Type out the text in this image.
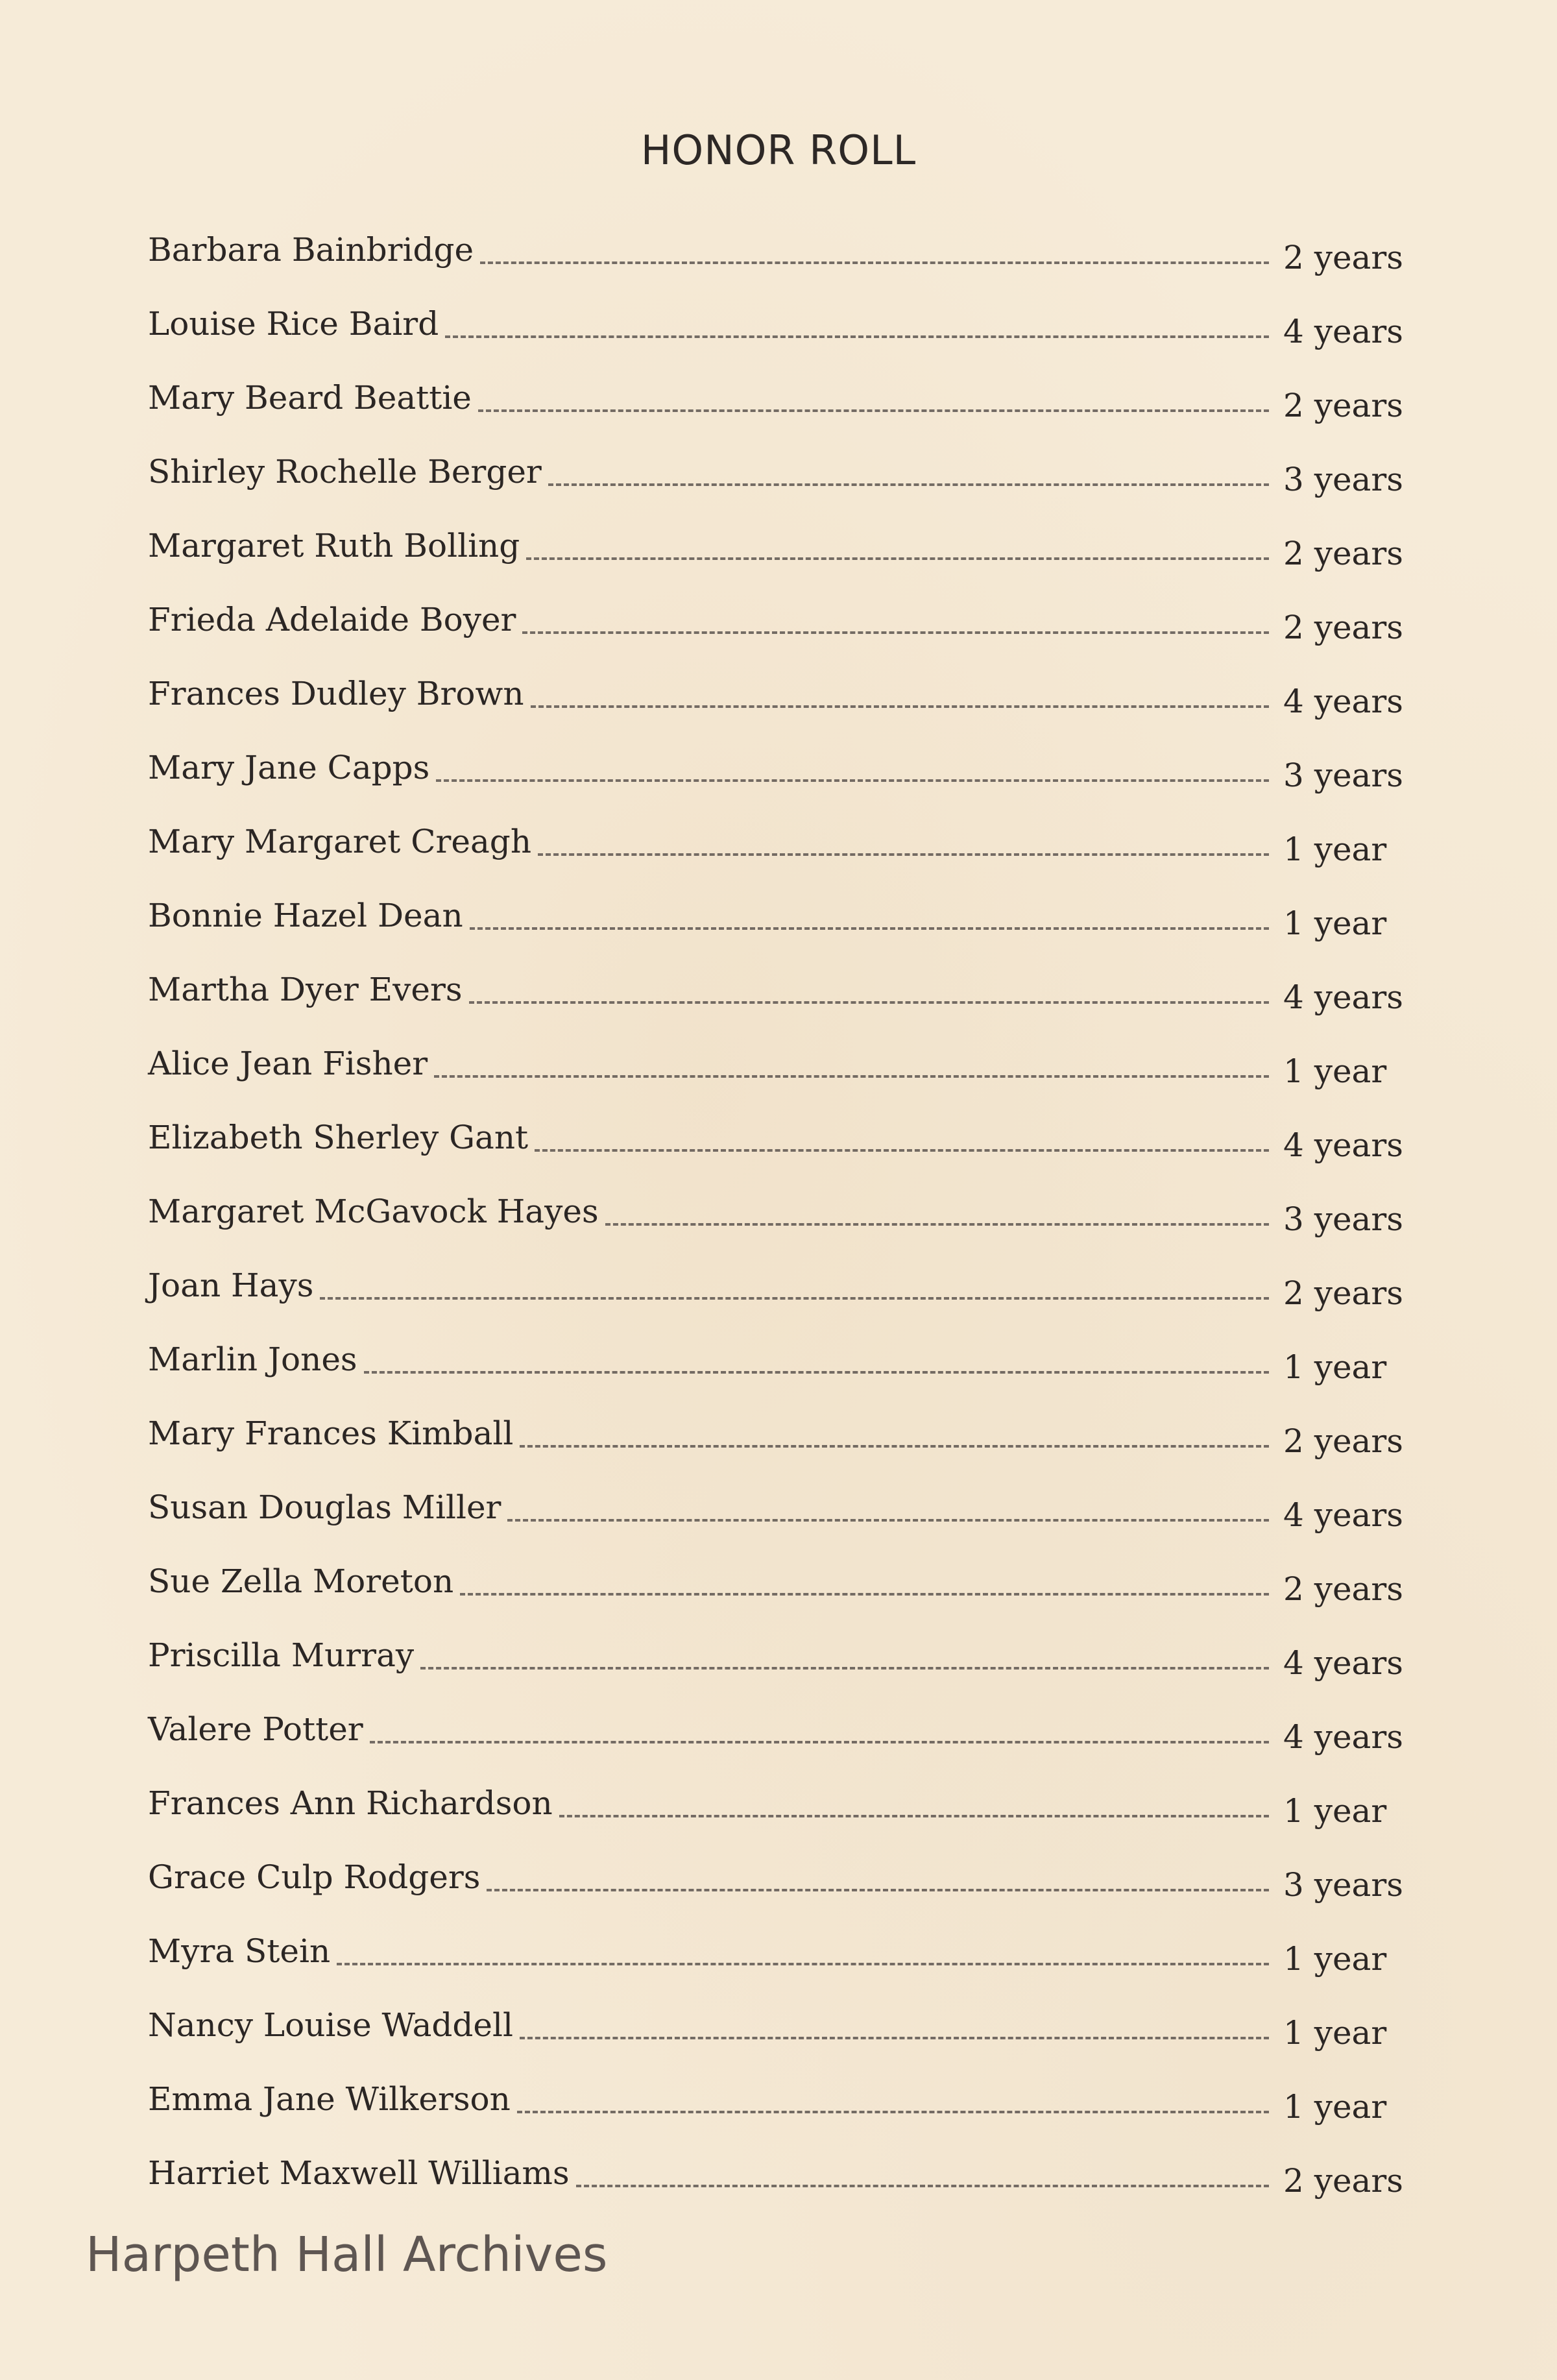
HONOR ROLL
Barbara Bainbridge	2 years
Louise Rice Baird	4 years
Mary Beard Beattie	2 years
Shirley Rochelle Berger	3 years
Margaret Ruth Bolling	2 years
Frieda Adelaide Boyer	2 years
Frances Dudley Brown	4 years
Mary Jane Capps	3 years
Mary Margaret Creagh	1 year
Bonnie Hazel Dean	1 year
Martha Dyer Evers	4 years
Alice Jean Fisher	1 year
Elizabeth Sherley Gant	4 years
Margaret McGavock Hayes	3 years
Joan Hays	2 years
Marlin Jones	1 year
Mary Frances Kimball	2 years
Susan Douglas Miller	4 years
Sue Zella Moreton	2 years
Priscilla Murray	4 years
Valere Potter	4 years
Frances Ann Richardson	1 year
Grace Culp Rodgers	3 years
Myra Stein	1 year
Nancy Louise Waddell	1 year
Emma Jane Wilkerson	1 year
Harriet Maxwell Williams	2 years
Harpeth Hall Archives
